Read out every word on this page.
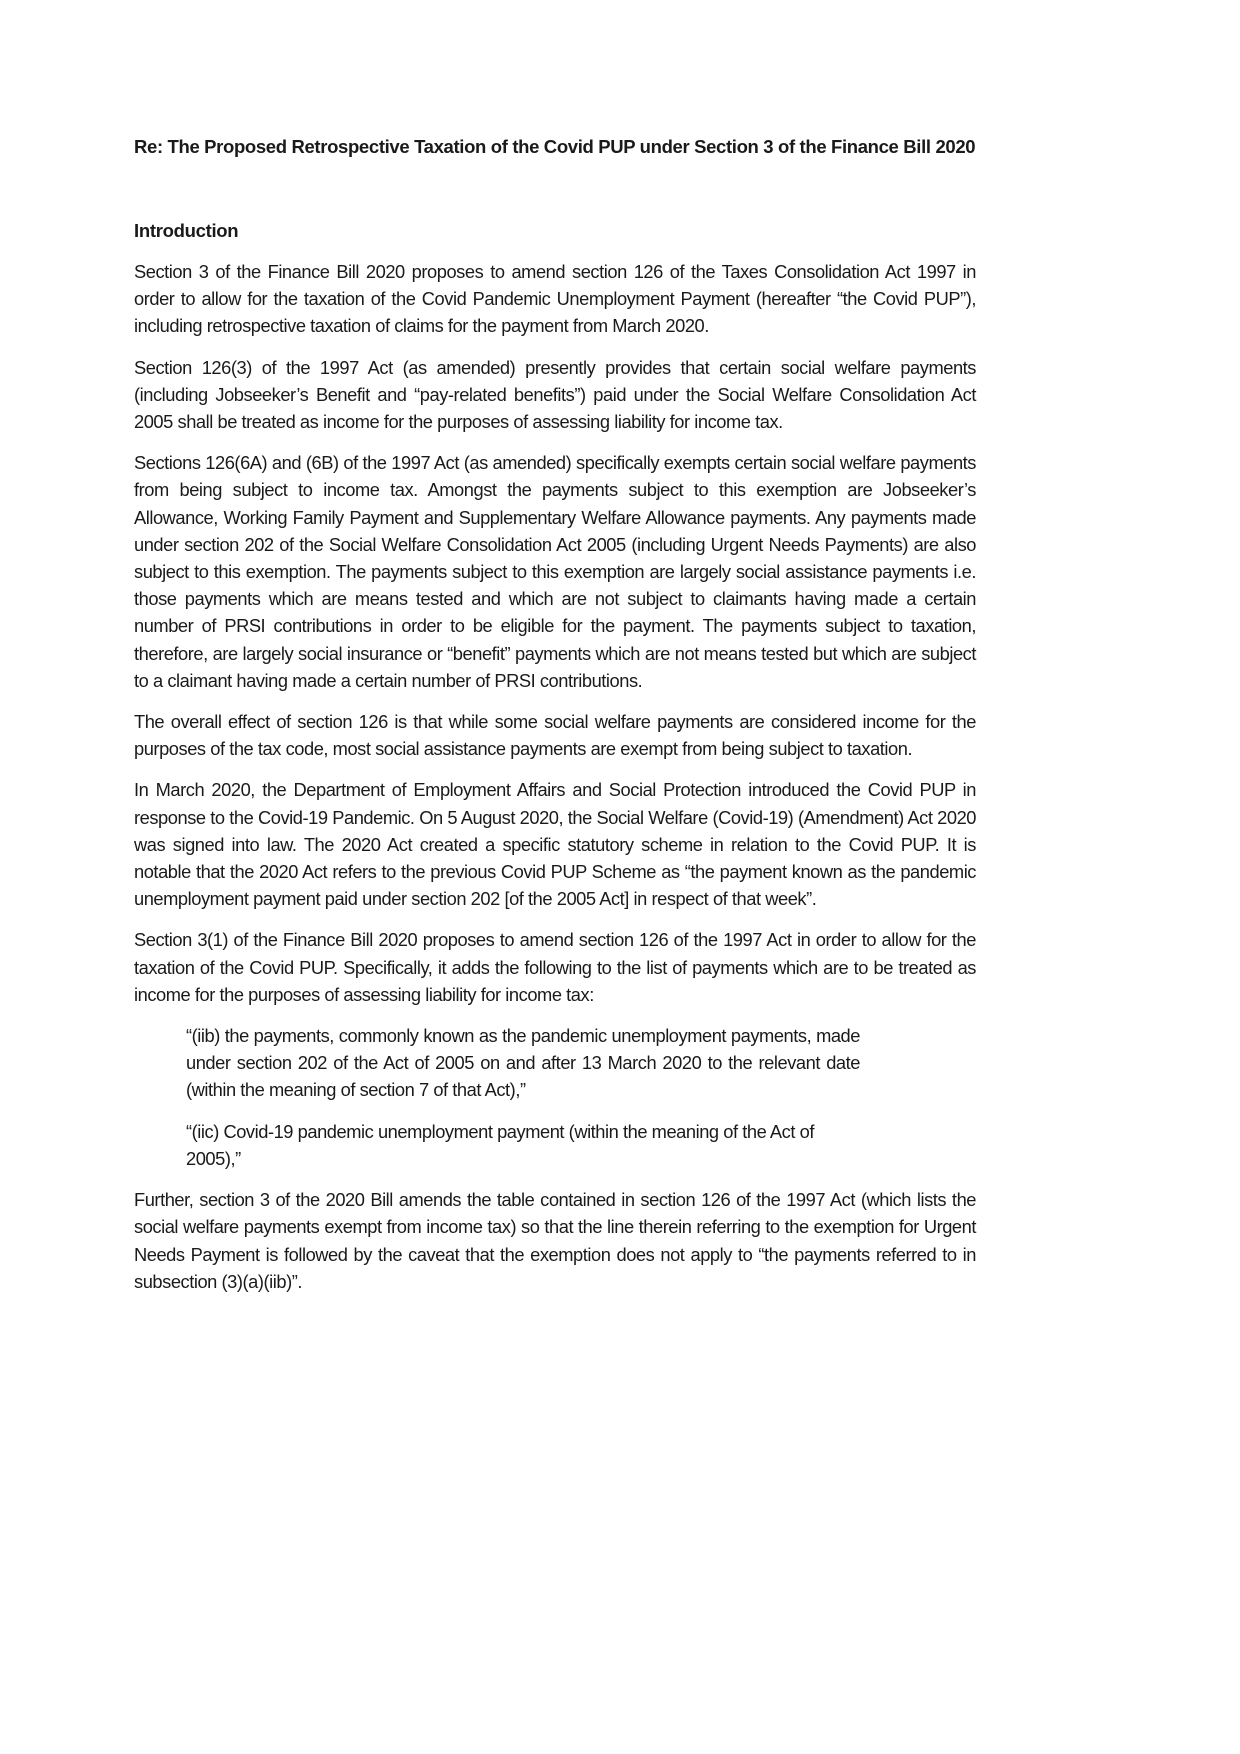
Re: The Proposed Retrospective Taxation of the Covid PUP under Section 3 of the Finance Bill 2020

Introduction

Section 3 of the Finance Bill 2020 proposes to amend section 126 of the Taxes Consolidation Act 1997 in order to allow for the taxation of the Covid Pandemic Unemployment Payment (hereafter “the Covid PUP”), including retrospective taxation of claims for the payment from March 2020.

Section 126(3) of the 1997 Act (as amended) presently provides that certain social welfare payments (including Jobseeker’s Benefit and “pay-related benefits”) paid under the Social Welfare Consolidation Act 2005 shall be treated as income for the purposes of assessing liability for income tax.

Sections 126(6A) and (6B) of the 1997 Act (as amended) specifically exempts certain social welfare payments from being subject to income tax. Amongst the payments subject to this exemption are Jobseeker’s Allowance, Working Family Payment and Supplementary Welfare Allowance payments. Any payments made under section 202 of the Social Welfare Consolidation Act 2005 (including Urgent Needs Payments) are also subject to this exemption. The payments subject to this exemption are largely social assistance payments i.e. those payments which are means tested and which are not subject to claimants having made a certain number of PRSI contributions in order to be eligible for the payment. The payments subject to taxation, therefore, are largely social insurance or “benefit” payments which are not means tested but which are subject to a claimant having made a certain number of PRSI contributions.

The overall effect of section 126 is that while some social welfare payments are considered income for the purposes of the tax code, most social assistance payments are exempt from being subject to taxation.

In March 2020, the Department of Employment Affairs and Social Protection introduced the Covid PUP in response to the Covid-19 Pandemic. On 5 August 2020, the Social Welfare (Covid-19) (Amendment) Act 2020 was signed into law. The 2020 Act created a specific statutory scheme in relation to the Covid PUP. It is notable that the 2020 Act refers to the previous Covid PUP Scheme as “the payment known as the pandemic unemployment payment paid under section 202 [of the 2005 Act] in respect of that week”.

Section 3(1) of the Finance Bill 2020 proposes to amend section 126 of the 1997 Act in order to allow for the taxation of the Covid PUP. Specifically, it adds the following to the list of payments which are to be treated as income for the purposes of assessing liability for income tax:

“(iib) the payments, commonly known as the pandemic unemployment payments, made under section 202 of the Act of 2005 on and after 13 March 2020 to the relevant date (within the meaning of section 7 of that Act),”
“(iic) Covid-19 pandemic unemployment payment (within the meaning of the Act of 2005),”

Further, section 3 of the 2020 Bill amends the table contained in section 126 of the 1997 Act (which lists the social welfare payments exempt from income tax) so that the line therein referring to the exemption for Urgent Needs Payment is followed by the caveat that the exemption does not apply to “the payments referred to in subsection (3)(a)(iib)”.
